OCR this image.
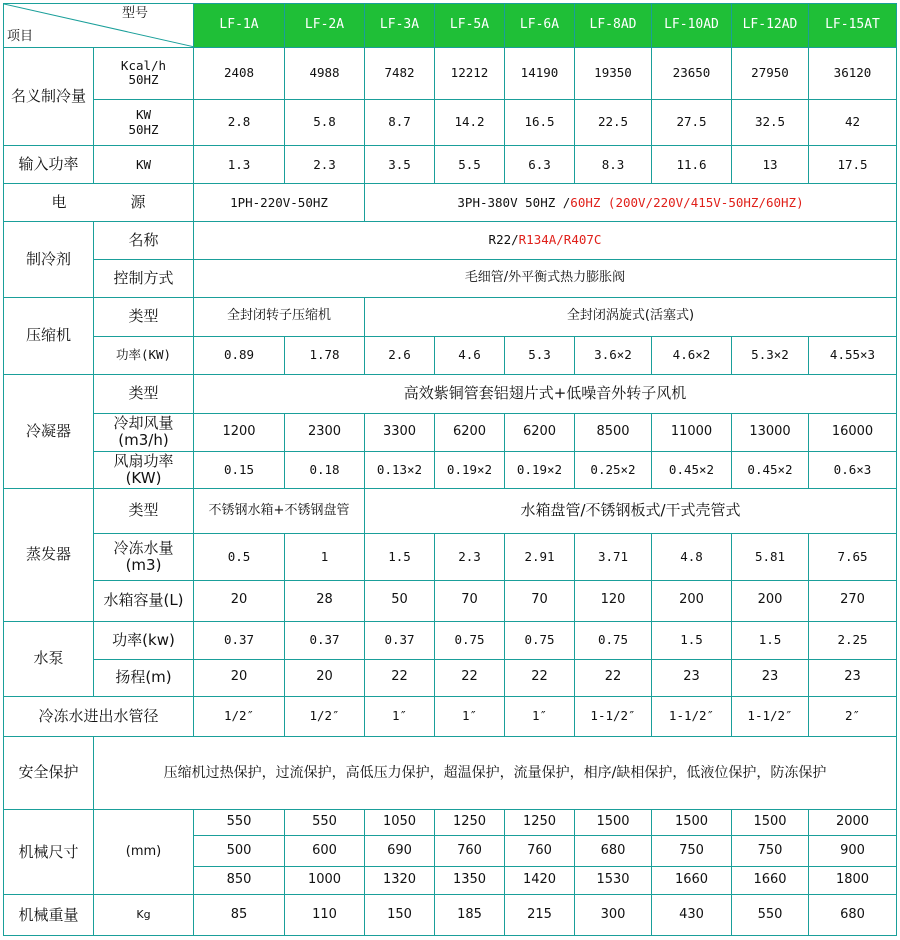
型号
项目		LF-1A	LF-2A	LF-3A	LF-5A	LF-6A	LF-8AD	LF-10AD	LF-12AD	LF-15AT
名义制冷量	Kcal/h
50HZ	2408	4988	7482	12212	14190	19350	23650	27950	36120
	KW
50HZ	2.8	5.8	8.7	14.2	16.5	22.5	27.5	32.5	42
输入功率	KW	1.3	2.3	3.5	5.5	6.3	8.3	11.6	13	17.5
电 源		1PH-220V-50HZ		3PH-380V 50HZ /60HZ (200V/220V/415V-50HZ/60HZ)						
制冷剂	名称	R22/R134A/R407C								
	控制方式	毛细管/外平衡式热力膨胀阀								
压缩机	类型	全封闭转子压缩机		全封闭涡旋式(活塞式)						
	功率(KW)	0.89	1.78	2.6	4.6	5.3	3.6×2	4.6×2	5.3×2	4.55×3
冷凝器	类型	高效紫铜管套铝翅片式+低噪音外转子风机								
	冷却风量
(m3/h)	1200	2300	3300	6200	6200	8500	11000	13000	16000
	风扇功率
(KW)	0.15	0.18	0.13×2	0.19×2	0.19×2	0.25×2	0.45×2	0.45×2	0.6×3
蒸发器	类型	不锈钢水箱+不锈钢盘管		水箱盘管/不锈钢板式/干式壳管式						
	冷冻水量
(m3)	0.5	1	1.5	2.3	2.91	3.71	4.8	5.81	7.65
	水箱容量(L)	20	28	50	70	70	120	200	200	270
水泵	功率(kw)	0.37	0.37	0.37	0.75	0.75	0.75	1.5	1.5	2.25
	扬程(m)	20	20	22	22	22	22	23	23	23
冷冻水进出水管径		1/2″	1/2″	1″	1″	1″	1-1/2″	1-1/2″	1-1/2″	2″
安全保护	压缩机过热保护，过流保护，高低压力保护，超温保护，流量保护，相序/缺相保护，低液位保护，防冻保护									
机械尺寸	(mm)	550	550	1050	1250	1250	1500	1500	1500	2000
		500	600	690	760	760	680	750	750	900
		850	1000	1320	1350	1420	1530	1660	1660	1800
机械重量	Kg	85	110	150	185	215	300	430	550	680
